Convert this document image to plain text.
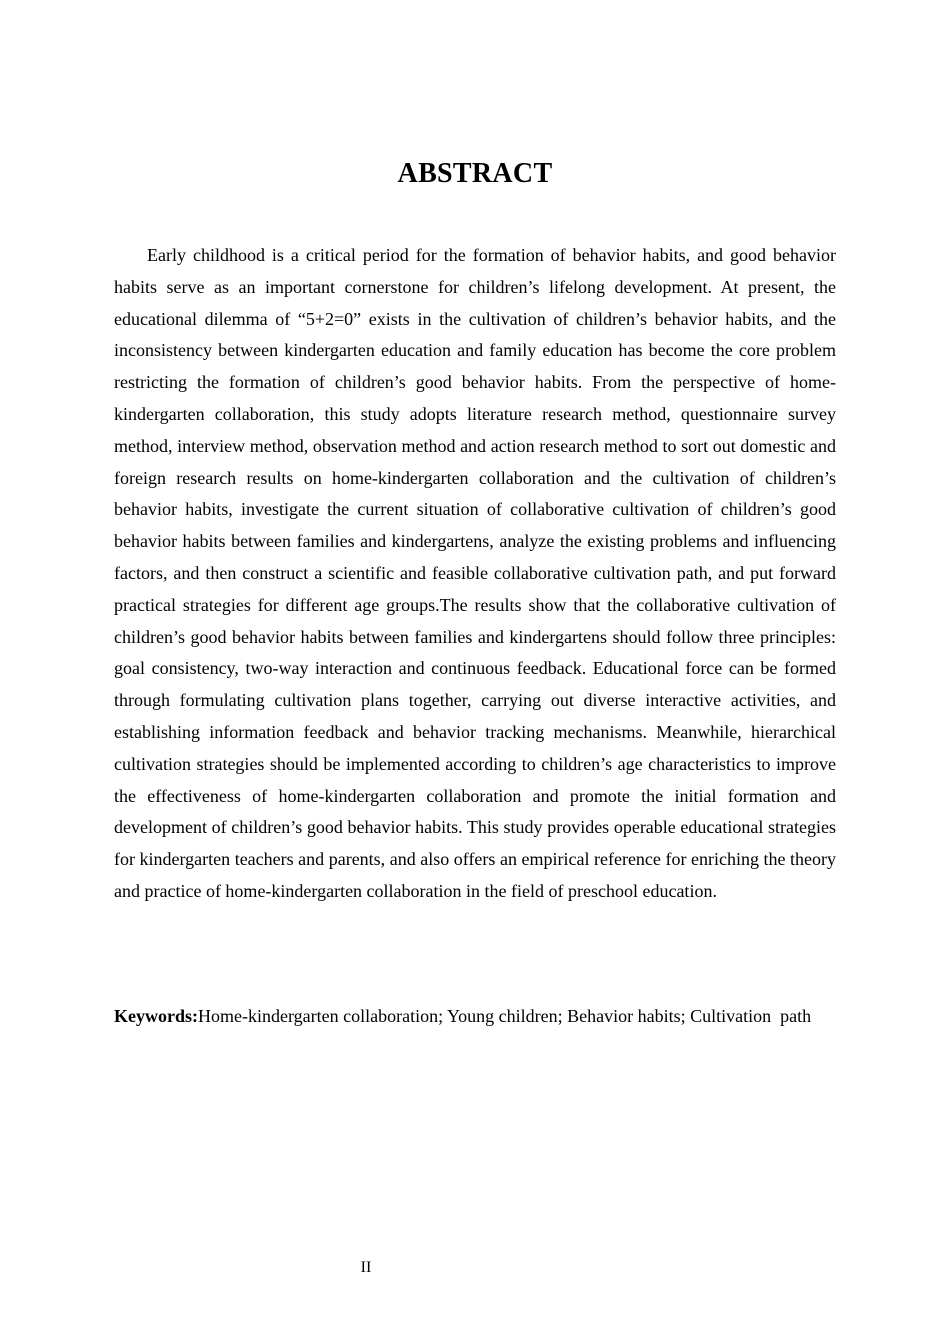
ABSTRACT

Early childhood is a critical period for the formation of behavior habits, and good behavior habits serve as an important cornerstone for children’s lifelong development. At present, the educational dilemma of “5+2=0” exists in the cultivation of children’s behavior habits, and the inconsistency between kindergarten education and family education has become the core problem restricting the formation of children’s good behavior habits. From the perspective of home-kindergarten collaboration, this study adopts literature research method, questionnaire survey method, interview method, observation method and action research method to sort out domestic and foreign research results on home-kindergarten collaboration and the cultivation of children’s behavior habits, investigate the current situation of collaborative cultivation of children’s good behavior habits between families and kindergartens, analyze the existing problems and influencing factors, and then construct a scientific and feasible collaborative cultivation path, and put forward practical strategies for different age groups.The results show that the collaborative cultivation of children’s good behavior habits between families and kindergartens should follow three principles: goal consistency, two-way interaction and continuous feedback. Educational force can be formed through formulating cultivation plans together, carrying out diverse interactive activities, and establishing information feedback and behavior tracking mechanisms. Meanwhile, hierarchical cultivation strategies should be implemented according to children’s age characteristics to improve the effectiveness of home-kindergarten collaboration and promote the initial formation and development of children’s good behavior habits. This study provides operable educational strategies for kindergarten teachers and parents, and also offers an empirical reference for enriching the theory and practice of home-kindergarten collaboration in the field of preschool education.

Keywords:Home-kindergarten collaboration; Young children; Behavior habits; Cultivation  path

II
